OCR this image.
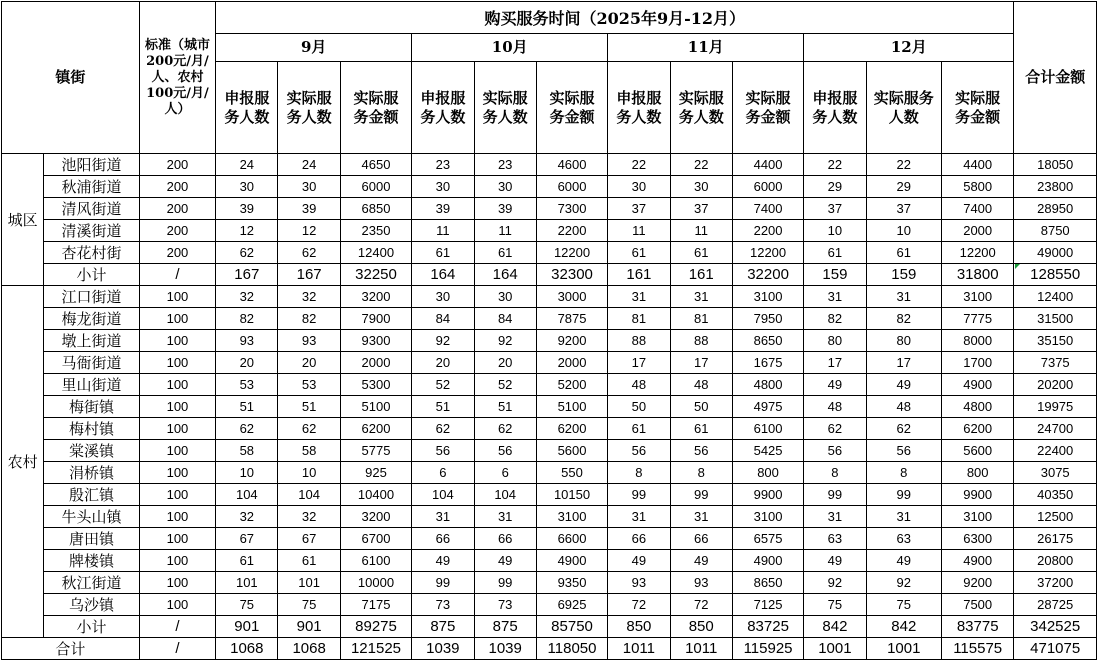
镇街		标准（城市200元/月/人、农村100元/月/人）	购买服务时间（2025年9月-12月）												合计金额
			9月			10月			11月			12月			
			申报服务人数	实际服务人数	实际服务金额	申报服务人数	实际服务人数	实际服务金额	申报服务人数	实际服务人数	实际服务金额	申报服务人数	实际服务人数	实际服务金额	
城区	池阳街道	200	24	24	4650	23	23	4600	22	22	4400	22	22	4400	18050
	秋浦街道	200	30	30	6000	30	30	6000	30	30	6000	29	29	5800	23800
	清风街道	200	39	39	6850	39	39	7300	37	37	7400	37	37	7400	28950
	清溪街道	200	12	12	2350	11	11	2200	11	11	2200	10	10	2000	8750
	杏花村街	200	62	62	12400	61	61	12200	61	61	12200	61	61	12200	49000
	小计	/	167	167	32250	164	164	32300	161	161	32200	159	159	31800	128550

农村	江口街道	100	32	32	3200	30	30	3000	31	31	3100	31	31	3100	12400
	梅龙街道	100	82	82	7900	84	84	7875	81	81	7950	82	82	7775	31500
	墩上街道	100	93	93	9300	92	92	9200	88	88	8650	80	80	8000	35150
	马衙街道	100	20	20	2000	20	20	2000	17	17	1675	17	17	1700	7375
	里山街道	100	53	53	5300	52	52	5200	48	48	4800	49	49	4900	20200
	梅街镇	100	51	51	5100	51	51	5100	50	50	4975	48	48	4800	19975
	梅村镇	100	62	62	6200	62	62	6200	61	61	6100	62	62	6200	24700
	棠溪镇	100	58	58	5775	56	56	5600	56	56	5425	56	56	5600	22400
	涓桥镇	100	10	10	925	6	6	550	8	8	800	8	8	800	3075
	殷汇镇	100	104	104	10400	104	104	10150	99	99	9900	99	99	9900	40350
	牛头山镇	100	32	32	3200	31	31	3100	31	31	3100	31	31	3100	12500
	唐田镇	100	67	67	6700	66	66	6600	66	66	6575	63	63	6300	26175
	牌楼镇	100	61	61	6100	49	49	4900	49	49	4900	49	49	4900	20800
	秋江街道	100	101	101	10000	99	99	9350	93	93	8650	92	92	9200	37200
	乌沙镇	100	75	75	7175	73	73	6925	72	72	7125	75	75	7500	28725
	小计	/	901	901	89275	875	875	85750	850	850	83725	842	842	83775	342525
合计		/	1068	1068	121525	1039	1039	118050	1011	1011	115925	1001	1001	115575	471075
